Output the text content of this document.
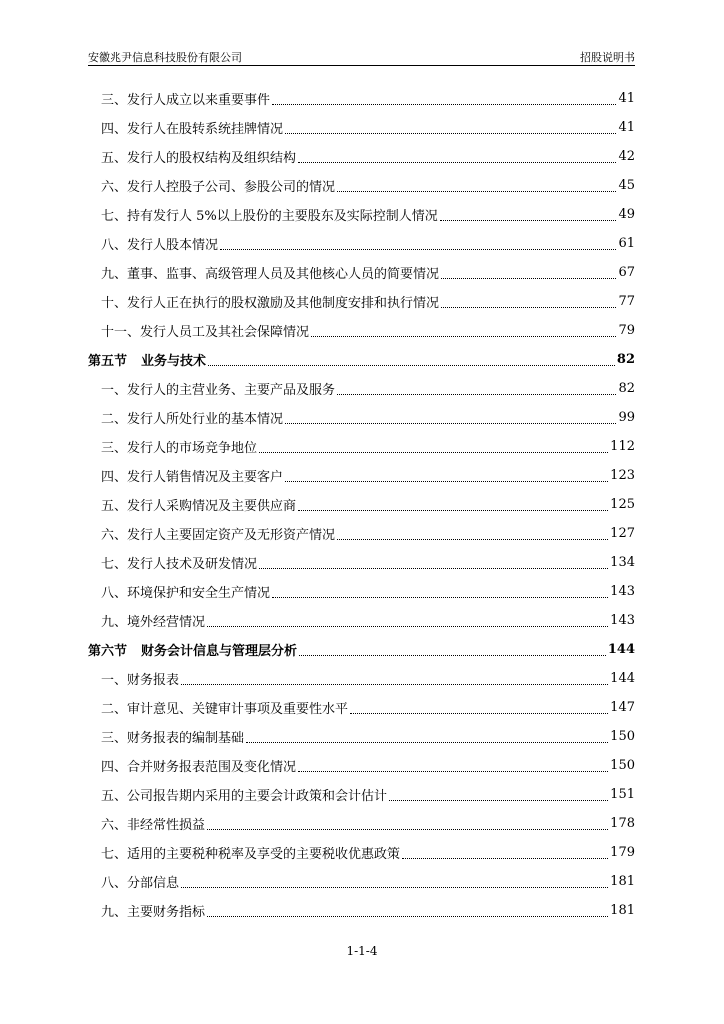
安徽兆尹信息科技股份有限公司	招股说明书
三、发行人成立以来重要事件	41
四、发行人在股转系统挂牌情况	41
五、发行人的股权结构及组织结构	42
六、发行人控股子公司、参股公司的情况	45
七、持有发行人 5%以上股份的主要股东及实际控制人情况	49
八、发行人股本情况	61
九、董事、监事、高级管理人员及其他核心人员的简要情况	67
十、发行人正在执行的股权激励及其他制度安排和执行情况	77
十一、发行人员工及其社会保障情况	79
第五节 业务与技术	82
一、发行人的主营业务、主要产品及服务	82
二、发行人所处行业的基本情况	99
三、发行人的市场竞争地位	112
四、发行人销售情况及主要客户	123
五、发行人采购情况及主要供应商	125
六、发行人主要固定资产及无形资产情况	127
七、发行人技术及研发情况	134
八、环境保护和安全生产情况	143
九、境外经营情况	143
第六节 财务会计信息与管理层分析	144
一、财务报表	144
二、审计意见、关键审计事项及重要性水平	147
三、财务报表的编制基础	150
四、合并财务报表范围及变化情况	150
五、公司报告期内采用的主要会计政策和会计估计	151
六、非经常性损益	178
七、适用的主要税种税率及享受的主要税收优惠政策	179
八、分部信息	181
九、主要财务指标	181
1-1-4
